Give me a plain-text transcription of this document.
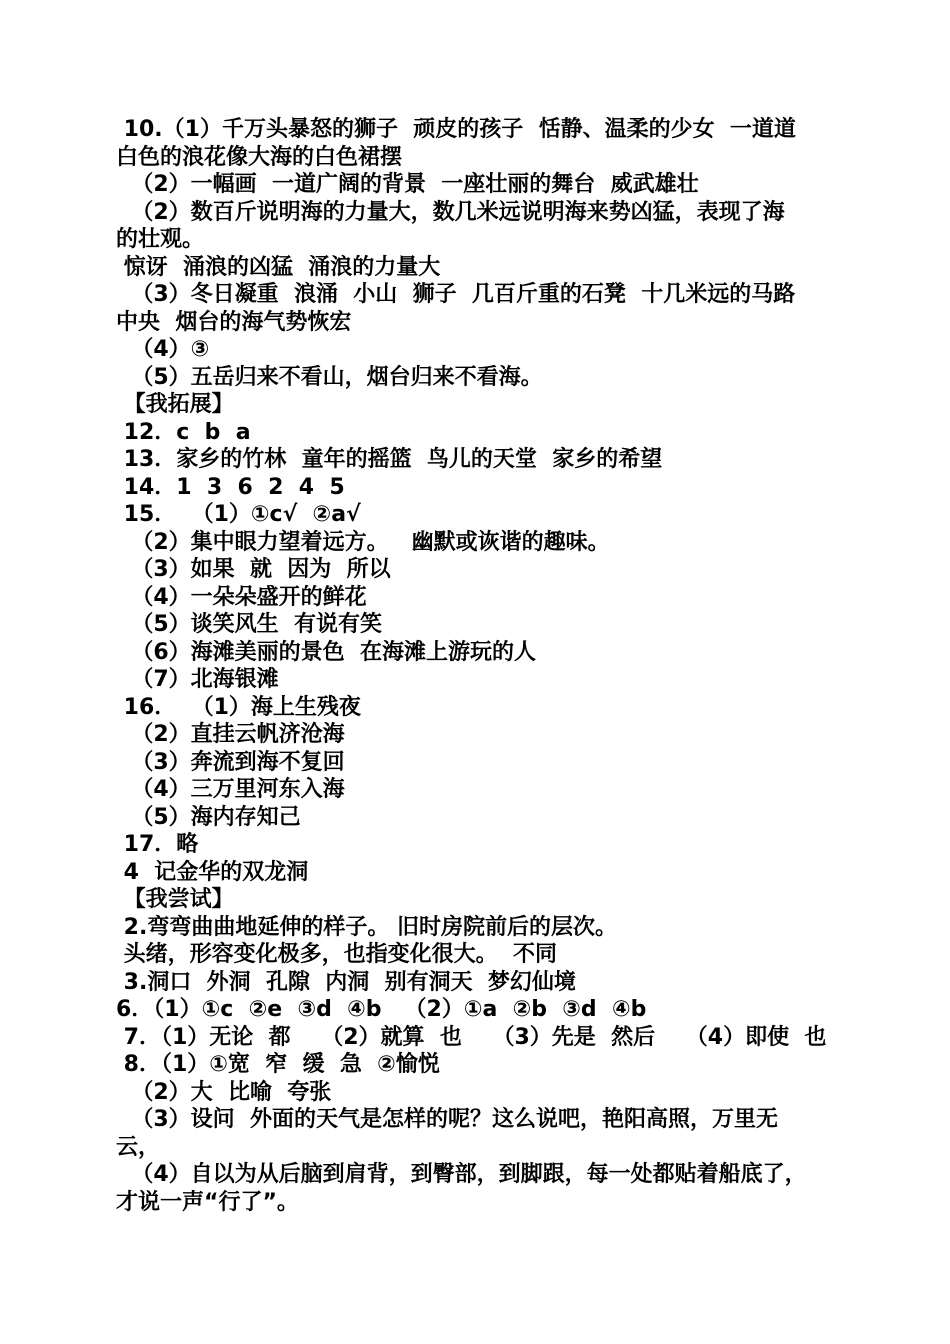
10.（1）千万头暴怒的狮子  顽皮的孩子  恬静、温柔的少女  一道道
白色的浪花像大海的白色裙摆
（2）一幅画  一道广阔的背景  一座壮丽的舞台  威武雄壮
（2）数百斤说明海的力量大，数几米远说明海来势凶猛，表现了海
的壮观。
惊讶  涌浪的凶猛  涌浪的力量大
（3）冬日凝重  浪涌  小山  狮子  几百斤重的石凳  十几米远的马路
中央  烟台的海气势恢宏
（4）③
（5）五岳归来不看山，烟台归来不看海。
【我拓展】
12．c  b  a
13．家乡的竹林  童年的摇篮  鸟儿的天堂  家乡的希望
14．1  3  6  2  4  5
15．  （1）①c√  ②a√
（2）集中眼力望着远方。   幽默或诙谐的趣味。
（3）如果  就  因为  所以
（4）一朵朵盛开的鲜花
（5）谈笑风生  有说有笑
（6）海滩美丽的景色  在海滩上游玩的人
（7）北海银滩
16．  （1）海上生残夜
（2）直挂云帆济沧海
（3）奔流到海不复回
（4）三万里河东入海
（5）海内存知己
17．略
4  记金华的双龙洞
【我尝试】
2.弯弯曲曲地延伸的样子。 旧时房院前后的层次。
头绪，形容变化极多，也指变化很大。  不同
3.洞口  外洞  孔隙  内洞  别有洞天  梦幻仙境
6．（1）①c  ②e  ③d  ④b   （2）①a  ②b  ③d  ④b
7．（1）无论  都    （2）就算  也    （3）先是  然后    （4）即使  也
8．（1）①宽  窄  缓  急  ②愉悦
（2）大  比喻  夸张
（3）设问  外面的天气是怎样的呢？这么说吧，艳阳高照，万里无
云，
（4）自以为从后脑到肩背，到臀部，到脚跟，每一处都贴着船底了，
才说一声“行了”。
